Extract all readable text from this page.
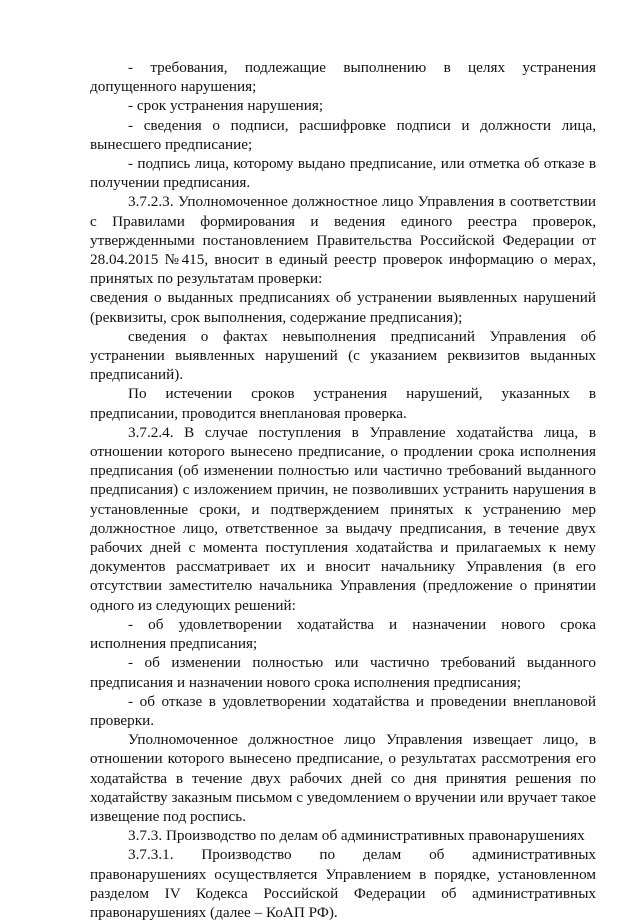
- требования, подлежащие выполнению в целях устранения допущенного нарушения;

- срок устранения нарушения;

- сведения о подписи, расшифровке подписи и должности лица, вынесшего предписание;

- подпись лица, которому выдано предписание, или отметка об отказе в получении предписания.

3.7.2.3. Уполномоченное должностное лицо Управления в соответствии с Правилами формирования и ведения единого реестра проверок, утвержденными постановлением Правительства Российской Федерации от 28.04.2015 №415, вносит в единый реестр проверок информацию о мерах, принятых по результатам проверки:

сведения о выданных предписаниях об устранении выявленных нарушений (реквизиты, срок выполнения, содержание предписания);

сведения о фактах невыполнения предписаний Управления об устранении выявленных нарушений (с указанием реквизитов выданных предписаний).

По истечении сроков устранения нарушений, указанных в предписании, проводится внеплановая проверка.

3.7.2.4. В случае поступления в Управление ходатайства лица, в отношении которого вынесено предписание, о продлении срока исполнения предписания (об изменении полностью или частично требований выданного предписания) с изложением причин, не позволивших устранить нарушения в установленные сроки, и подтверждением принятых к устранению мер должностное лицо, ответственное за выдачу предписания, в течение двух рабочих дней с момента поступления ходатайства и прилагаемых к нему документов рассматривает их и вносит начальнику Управления (в его отсутствии заместителю начальника Управления (предложение о принятии одного из следующих решений:

- об удовлетворении ходатайства и назначении нового срока исполнения предписания;

- об изменении полностью или частично требований выданного предписания и назначении нового срока исполнения предписания;

- об отказе в удовлетворении ходатайства и проведении внеплановой проверки.

Уполномоченное должностное лицо Управления извещает лицо, в отношении которого вынесено предписание, о результатах рассмотрения его ходатайства в течение двух рабочих дней со дня принятия решения по ходатайству заказным письмом с уведомлением о вручении или вручает такое извещение под роспись.

3.7.3. Производство по делам об административных правонарушениях

3.7.3.1. Производство по делам об административных правонарушениях осуществляется Управлением в порядке, установленном разделом IV Кодекса Российской Федерации об административных правонарушениях (далее – КоАП РФ).
